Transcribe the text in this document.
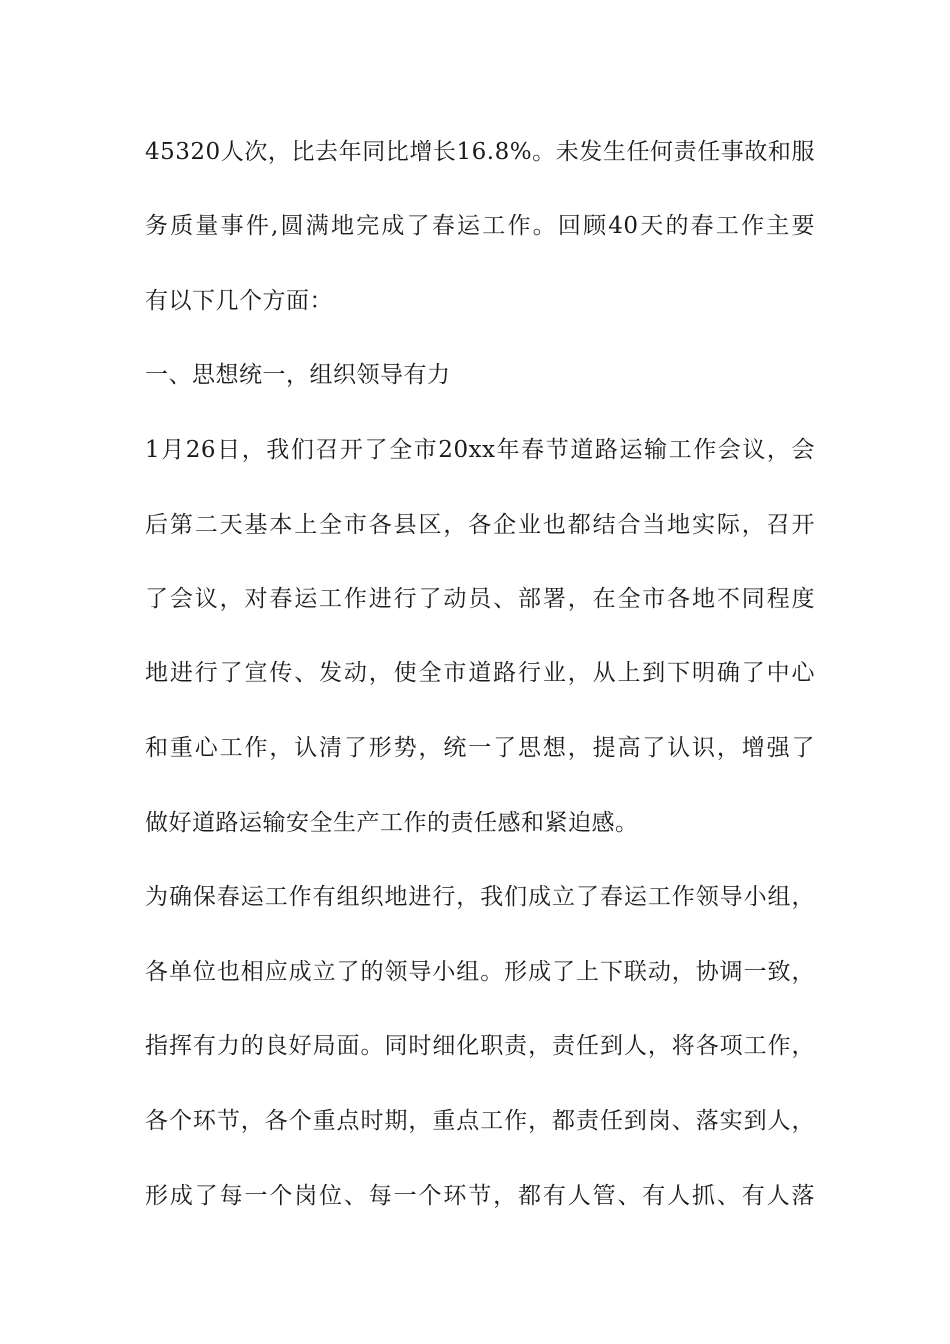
45320人次，比去年同比增长16.8%。未发生任何责任事故和服
务质量事件,圆满地完成了春运工作。回顾40天的春工作主要
有以下几个方面：
一、思想统一，组织领导有力
1月26日，我们召开了全市20xx年春节道路运输工作会议，会
后第二天基本上全市各县区，各企业也都结合当地实际，召开
了会议，对春运工作进行了动员、部署，在全市各地不同程度
地进行了宣传、发动，使全市道路行业，从上到下明确了中心
和重心工作，认清了形势，统一了思想，提高了认识，增强了
做好道路运输安全生产工作的责任感和紧迫感。
为确保春运工作有组织地进行，我们成立了春运工作领导小组，
各单位也相应成立了的领导小组。形成了上下联动，协调一致，
指挥有力的良好局面。同时细化职责，责任到人，将各项工作，
各个环节，各个重点时期，重点工作，都责任到岗、落实到人，
形成了每一个岗位、每一个环节，都有人管、有人抓、有人落
